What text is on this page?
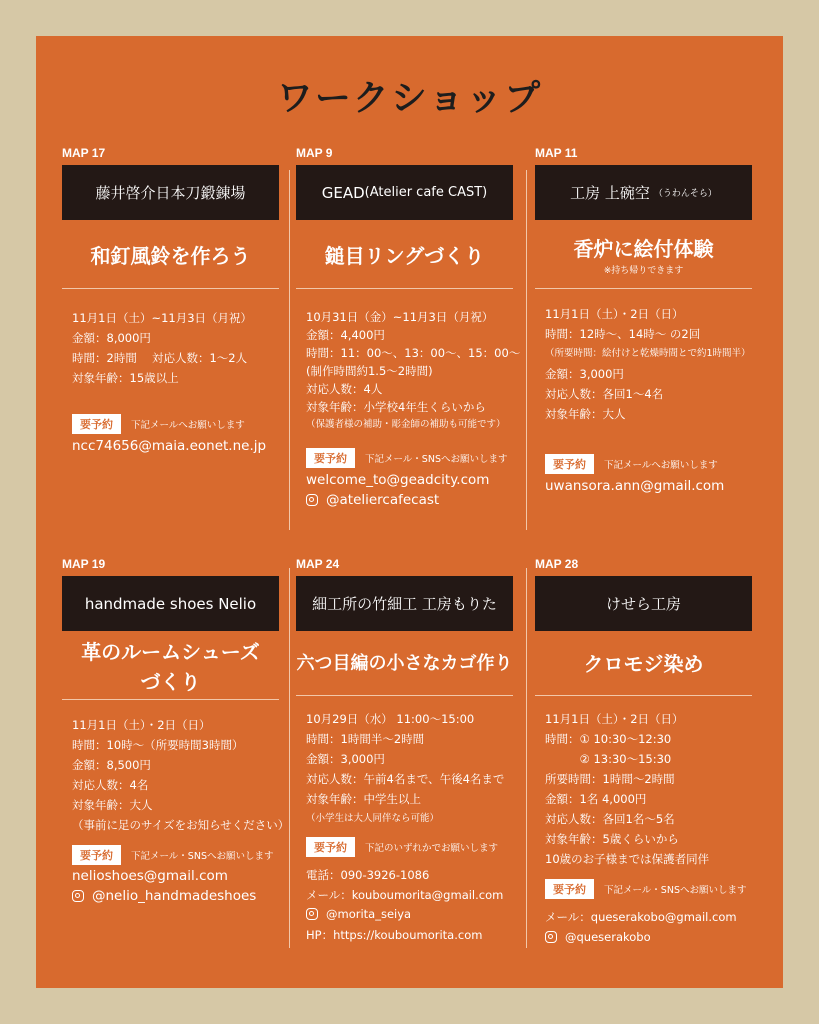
ワークショップ
MAP 17
藤井啓介日本刀鍛錬場
和釘風鈴を作ろう
11月1日（土）~11月3日（月祝）
金額：8,000円
時間：2時間　 対応人数：1～2人
対象年齢：15歳以上
要予約	下記メールへお願いします
ncc74656@maia.eonet.ne.jp
MAP 9
GEAD (Atelier cafe CAST)
鎚目リングづくり
10月31日（金）~11月3日（月祝）
金額：4,400円
時間：11：00～、13：00～、15：00～
(制作時間約1.5～2時間)
対応人数：4人
対象年齢：小学校4年生くらいから
（保護者様の補助・彫金師の補助も可能です）
要予約	下記メール・SNSへお願いします
welcome_to@geadcity.com
@ateliercafecast
MAP 11
工房 上碗空 （うわんそら）
香炉に絵付体験
※持ち帰りできます
11月1日（土）・2日（日）
時間：12時～、14時～ の2回
（所要時間：絵付けと乾燥時間とで約1時間半）
金額：3,000円
対応人数：各回1～4名
対象年齢：大人
要予約	下記メールへお願いします
uwansora.ann@gmail.com
MAP 19
handmade shoes Nelio
革のルームシューズ
づくり
11月1日（土）・2日（日）
時間：10時～（所要時間3時間）
金額：8,500円
対応人数：4名
対象年齢：大人
（事前に足のサイズをお知らせください）
要予約	下記メール・SNSへお願いします
nelioshoes@gmail.com
@nelio_handmadeshoes
MAP 24
細工所の竹細工 工房もりた
六つ目編の小さなカゴ作り
10月29日（水） 11:00～15:00
時間：1時間半～2時間
金額：3,000円
対応人数：午前4名まで、午後4名まで
対象年齢：中学生以上
（小学生は大人同伴なら可能）
要予約	下記のいずれかでお願いします
電話：090-3926-1086
メール：kouboumorita@gmail.com
@morita_seiya
HP：https://kouboumorita.com
MAP 28
けせら工房
クロモジ染め
11月1日（土）・2日（日）
時間：① 10:30～12:30
　　　② 13:30～15:30
所要時間：1時間～2時間
金額：1名 4,000円
対応人数：各回1名～5名
対象年齢：5歳くらいから
10歳のお子様までは保護者同伴
要予約	下記メール・SNSへお願いします
メール：queserakobo@gmail.com
@queserakobo
